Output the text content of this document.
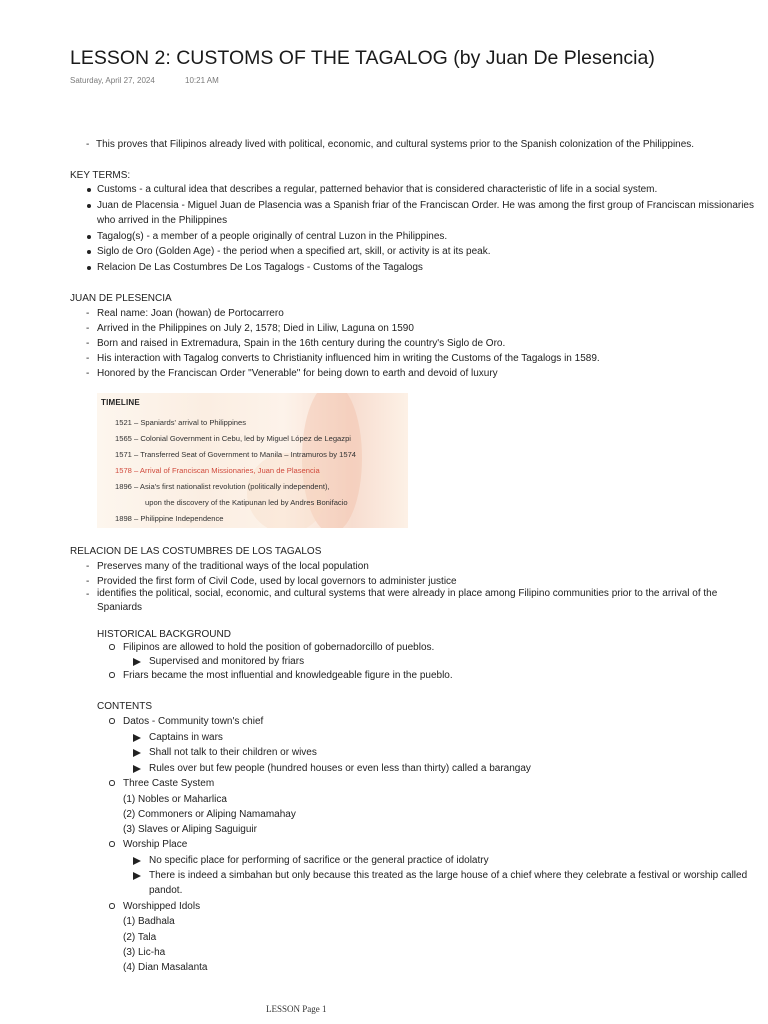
LESSON 2: CUSTOMS OF THE TAGALOG (by Juan De Plesencia)
Saturday, April 27, 2024	10:21 AM
- This proves that Filipinos already lived with political, economic, and cultural systems prior to the Spanish colonization of the Philippines.
KEY TERMS:
Customs - a cultural idea that describes a regular, patterned behavior that is considered characteristic of life in a social system.
Juan de Placensia - Miguel Juan de Plasencia was a Spanish friar of the Franciscan Order. He was among the first group of Franciscan missionaries who arrived in the Philippines
Tagalog(s) - a member of a people originally of central Luzon in the Philippines.
Siglo de Oro (Golden Age) - the period when a specified art, skill, or activity is at its peak.
Relacion De Las Costumbres De Los Tagalogs - Customs of the Tagalogs
JUAN DE PLESENCIA
- Real name: Joan (howan) de Portocarrero
- Arrived in the Philippines on July 2, 1578; Died in Liliw, Laguna on 1590
- Born and raised in Extremadura, Spain in the 16th century during the country's Siglo de Oro.
- His interaction with Tagalog converts to Christianity influenced him in writing the Customs of the Tagalogs in 1589.
- Honored by the Franciscan Order "Venerable" for being down to earth and devoid of luxury
TIMELINE
1521 – Spaniards' arrival to Philippines
1565 – Colonial Government in Cebu, led by Miguel López de Legazpi
1571 – Transferred Seat of Government to Manila – Intramuros by 1574
1578 – Arrival of Franciscan Missionaries, Juan de Plasencia
1896 – Asia's first nationalist revolution (politically independent),
upon the discovery of the Katipunan led by Andres Bonifacio
1898 – Philippine Independence
RELACION DE LAS COSTUMBRES DE LOS TAGALOS
- Preserves many of the traditional ways of the local population
- Provided the first form of Civil Code, used by local governors to administer justice
- identifies the political, social, economic, and cultural systems that were already in place among Filipino communities prior to the arrival of the Spaniards
HISTORICAL BACKGROUND
Filipinos are allowed to hold the position of gobernadorcillo of pueblos.
Supervised and monitored by friars
Friars became the most influential and knowledgeable figure in the pueblo.
CONTENTS
Datos - Community town's chief
Captains in wars
Shall not talk to their children or wives
Rules over but few people (hundred houses or even less than thirty) called a barangay
Three Caste System
(1) Nobles or Maharlica
(2) Commoners or Aliping Namamahay
(3) Slaves or Aliping Saguiguir
Worship Place
No specific place for performing of sacrifice or the general practice of idolatry
There is indeed a simbahan but only because this treated as the large house of a chief where they celebrate a festival or worship called pandot.
Worshipped Idols
(1) Badhala
(2) Tala
(3) Lic-ha
(4) Dian Masalanta
LESSON Page 1
